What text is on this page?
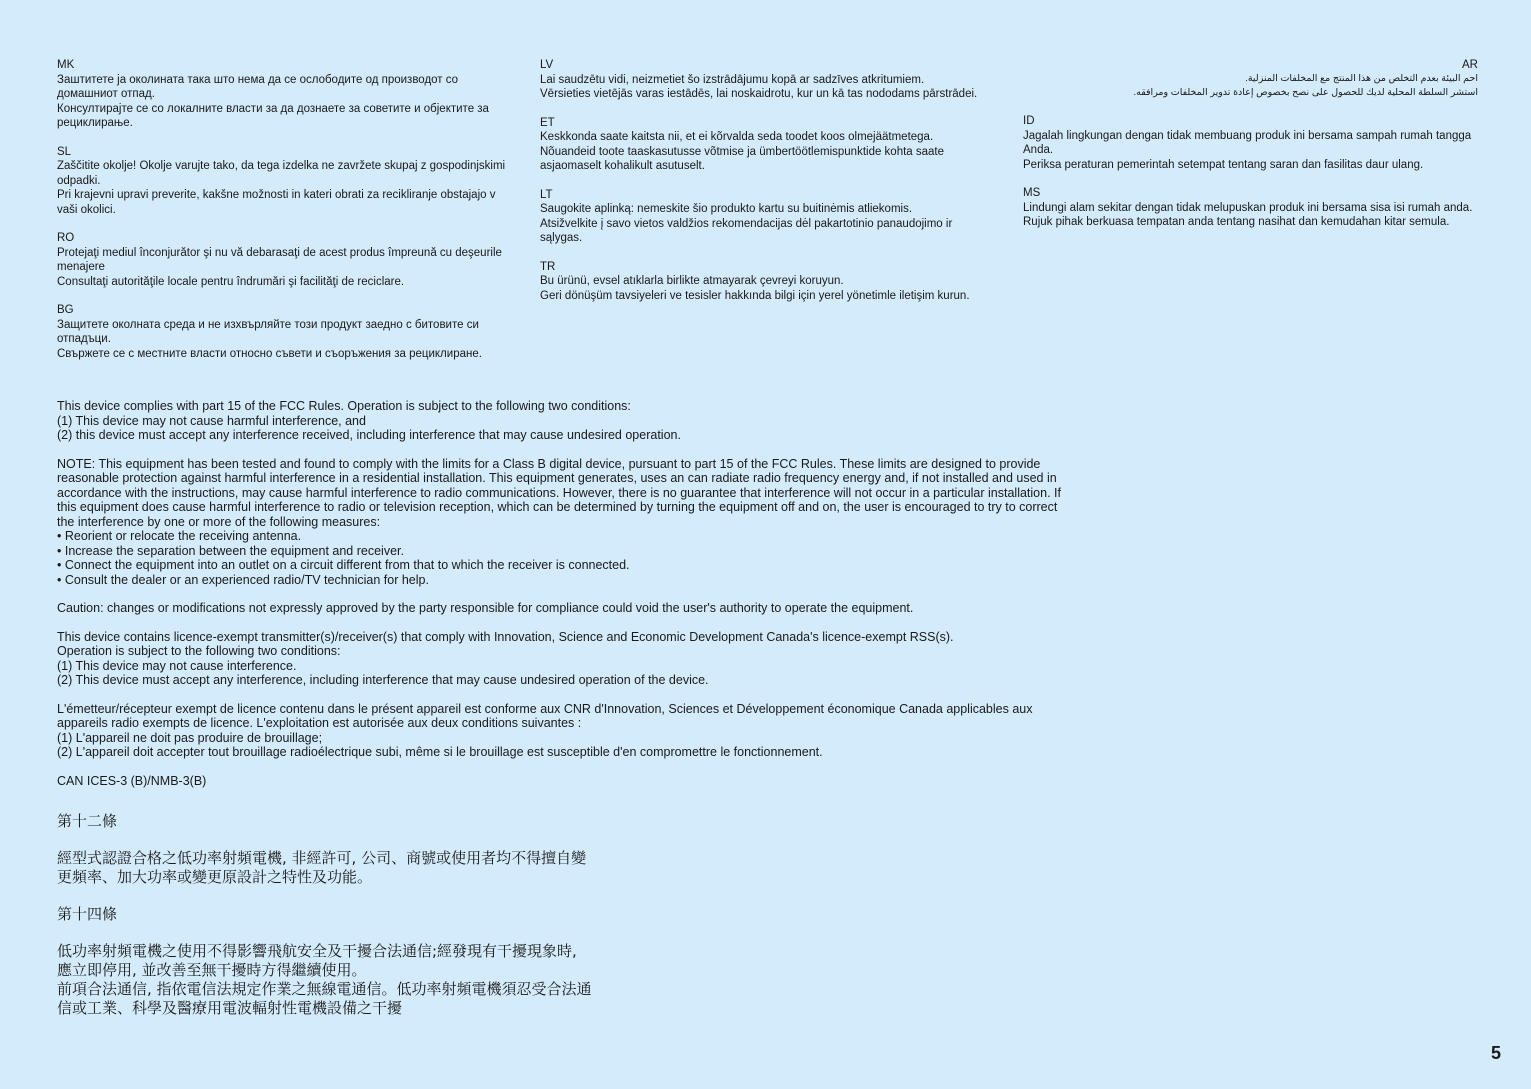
MK
Заштитете ја околината така што нема да се ослободите од производот со домашниот отпад.
Консултирајте се со локалните власти за да дознаете за советите и објектите за рециклирање.
SL
Zaščitite okolje! Okolje varujte tako, da tega izdelka ne zavržete skupaj z gospodinjskimi odpadki.
Pri krajevni upravi preverite, kakšne možnosti in kateri obrati za recikliranje obstajajo v vaši okolici.
RO
Protejaţi mediul înconjurător şi nu vă debarasaţi de acest produs împreună cu deşeurile menajere
Consultaţi autorităţile locale pentru îndrumări şi facilităţi de reciclare.
BG
Защитете околната среда и не изхвърляйте този продукт заедно с битовите си отпадъци.
Свържете се с местните власти относно съвети и съоръжения за рециклиране.
LV
Lai saudzētu vidi, neizmetiet šo izstrādājumu kopā ar sadzīves atkritumiem.
Vērsieties vietējās varas iestādēs, lai noskaidrotu, kur un kā tas nododams pārstrādei.
ET
Keskkonda saate kaitsta nii, et ei kõrvalda seda toodet koos olmejäätmetega.
Nõuandeid toote taaskasutusse võtmise ja ümbertöötlemispunktide kohta saate asjaomaselt kohalikult asutuselt.
LT
Saugokite aplinką: nemeskite šio produkto kartu su buitinėmis atliekomis.
Atsižvelkite į savo vietos valdžios rekomendacijas dėl pakartotinio panaudojimo ir sąlygas.
TR
Bu ürünü, evsel atıklarla birlikte atmayarak çevreyi koruyun.
Geri dönüşüm tavsiyeleri ve tesisler hakkında bilgi için yerel yönetimle iletişim kurun.
AR
احم البيئة بعدم التخلص من هذا المنتج مع المخلفات المنزلية.
استشر السلطة المحلية لديك للحصول على نصح بخصوص إعادة تدوير المخلفات ومرافقه.
ID
Jagalah lingkungan dengan tidak membuang produk ini bersama sampah rumah tangga Anda.
Periksa peraturan pemerintah setempat tentang saran dan fasilitas daur ulang.
MS
Lindungi alam sekitar dengan tidak melupuskan produk ini bersama sisa isi rumah anda.
Rujuk pihak berkuasa tempatan anda tentang nasihat dan kemudahan kitar semula.
This device complies with part 15 of the FCC Rules. Operation is subject to the following two conditions:
(1) This device may not cause harmful interference, and
(2) this device must accept any interference received, including interference that may cause undesired operation.
NOTE: This equipment has been tested and found to comply with the limits for a Class B digital device, pursuant to part 15 of the FCC Rules. These limits are designed to provide reasonable protection against harmful interference in a residential installation. This equipment generates, uses an can radiate radio frequency energy and, if not installed and used in accordance with the instructions, may cause harmful interference to radio communications. However, there is no guarantee that interference will not occur in a particular installation. If this equipment does cause harmful interference to radio or television reception, which can be determined by turning the equipment off and on, the user is encouraged to try to correct the interference by one or more of the following measures:
• Reorient or relocate the receiving antenna.
• Increase the separation between the equipment and receiver.
• Connect the equipment into an outlet on a circuit different from that to which the receiver is connected.
• Consult the dealer or an experienced radio/TV technician for help.
Caution: changes or modifications not expressly approved by the party responsible for compliance could void the user's authority to operate the equipment.
This device contains licence-exempt transmitter(s)/receiver(s) that comply with Innovation, Science and Economic Development Canada's licence-exempt RSS(s).
Operation is subject to the following two conditions:
(1) This device may not cause interference.
(2) This device must accept any interference, including interference that may cause undesired operation of the device.
L'émetteur/récepteur exempt de licence contenu dans le présent appareil est conforme aux CNR d'Innovation, Sciences et Développement économique Canada applicables aux appareils radio exempts de licence. L'exploitation est autorisée aux deux conditions suivantes :
(1) L'appareil ne doit pas produire de brouillage;
(2) L'appareil doit accepter tout brouillage radioélectrique subi, même si le brouillage est susceptible d'en compromettre le fonctionnement.
CAN ICES-3 (B)/NMB-3(B)
第十二條
經型式認證合格之低功率射頻電機, 非經許可, 公司、商號或使用者均不得擅自變
更頻率、加大功率或變更原設計之特性及功能。
第十四條
低功率射頻電機之使用不得影響飛航安全及干擾合法通信;經發現有干擾現象時,
應立即停用, 並改善至無干擾時方得繼續使用。
前項合法通信, 指依電信法規定作業之無線電通信。低功率射頻電機須忍受合法通
信或工業、科學及醫療用電波輻射性電機設備之干擾
5
